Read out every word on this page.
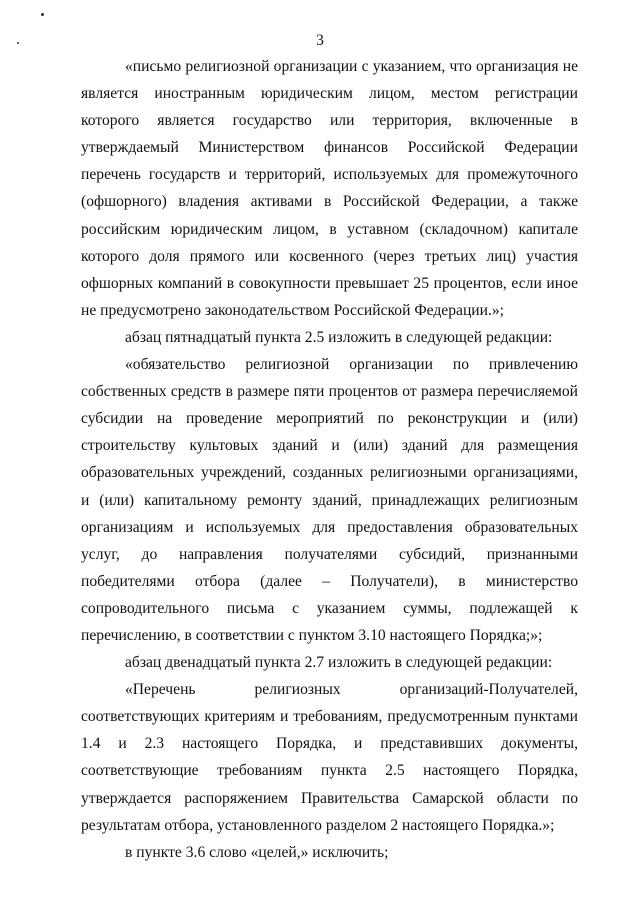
3

«письмо религиозной организации с указанием, что организация не является иностранным юридическим лицом, местом регистрации которого является государство или территория, включенные в утверждаемый Министерством финансов Российской Федерации перечень государств и территорий, используемых для промежуточного (офшорного) владения активами в Российской Федерации, а также российским юридическим лицом, в уставном (складочном) капитале которого доля прямого или косвенного (через третьих лиц) участия офшорных компаний в совокупности превышает 25 процентов, если иное не предусмотрено законодательством Российской Федерации.»;

абзац пятнадцатый пункта 2.5 изложить в следующей редакции:

«обязательство религиозной организации по привлечению собственных средств в размере пяти процентов от размера перечисляемой субсидии на проведение мероприятий по реконструкции и (или) строительству культовых зданий и (или) зданий для размещения образовательных учреждений, созданных религиозными организациями, и (или) капитальному ремонту зданий, принадлежащих религиозным организациям и используемых для предоставления образовательных услуг, до направления получателями субсидий, признанными победителями отбора (далее – Получатели), в министерство сопроводительного письма с указанием суммы, подлежащей к перечислению, в соответствии с пунктом 3.10 настоящего Порядка;»;

абзац двенадцатый пункта 2.7 изложить в следующей редакции:

«Перечень религиозных организаций-Получателей, соответствующих критериям и требованиям, предусмотренным пунктами 1.4 и 2.3 настоящего Порядка, и представивших документы, соответствующие требованиям пункта 2.5 настоящего Порядка, утверждается распоряжением Правительства Самарской области по результатам отбора, установленного разделом 2 настоящего Порядка.»;

в пункте 3.6 слово «целей,» исключить;
